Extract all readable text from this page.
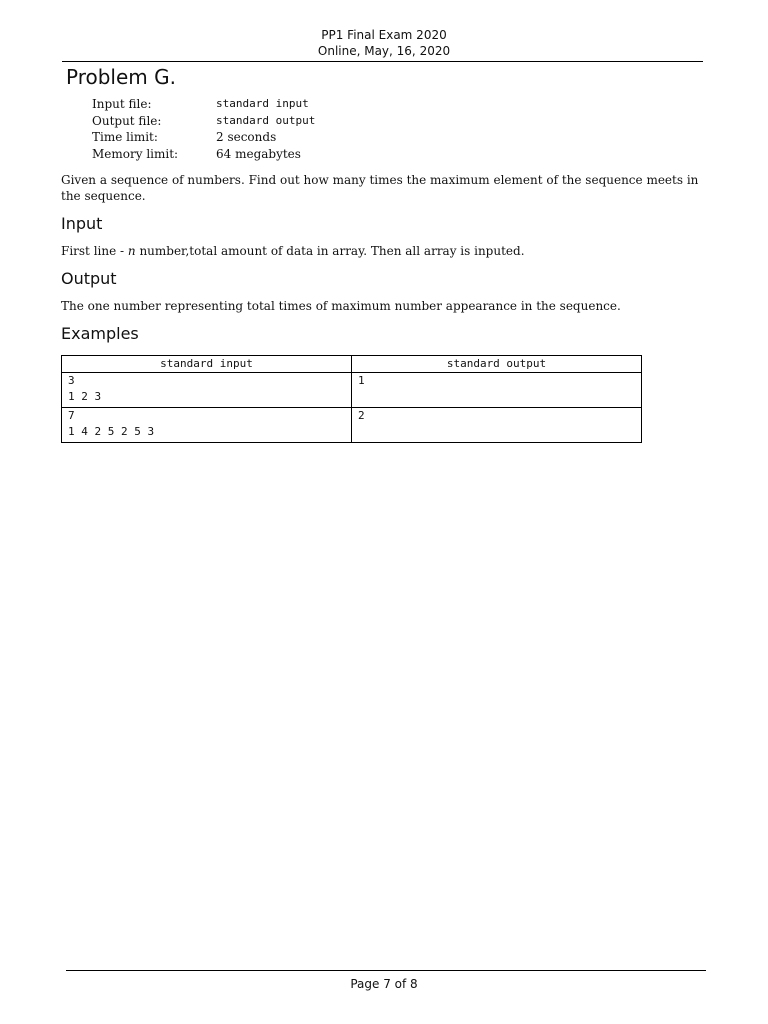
PP1 Final Exam 2020
Online, May, 16, 2020
Problem G.
Input file:	standard input
Output file:	standard output
Time limit:	2 seconds
Memory limit:	64 megabytes
Given a sequence of numbers. Find out how many times the maximum element of the sequence meets in the sequence.
Input
First line - n number,total amount of data in array. Then all array is inputed.
Output
The one number representing total times of maximum number appearance in the sequence.
Examples
standard input	standard output

3
1 2 3	1

7
1 4 2 5 2 5 3	2
Page 7 of 8
